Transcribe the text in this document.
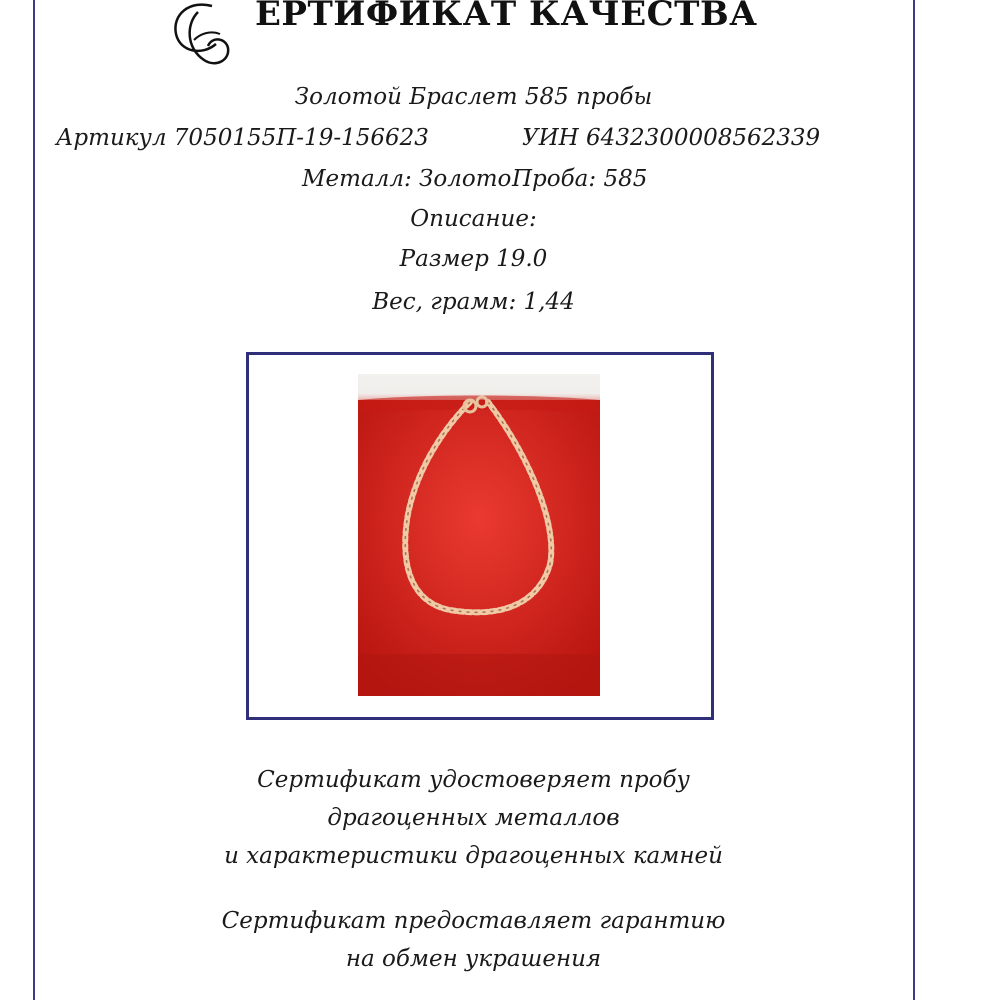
ЕРТИФИКАТ КАЧЕСТВА
Золотой Браслет 585 пробы
Артикул 7050155П-19-156623	УИН 6432300008562339
Металл: Золото Проба: 585
Описание:
Размер 19.0
Вес, грамм: 1,44
Сертификат удостоверяет пробу
драгоценных металлов
и характеристики драгоценных камней
Сертификат предоставляет гарантию
на обмен украшения
